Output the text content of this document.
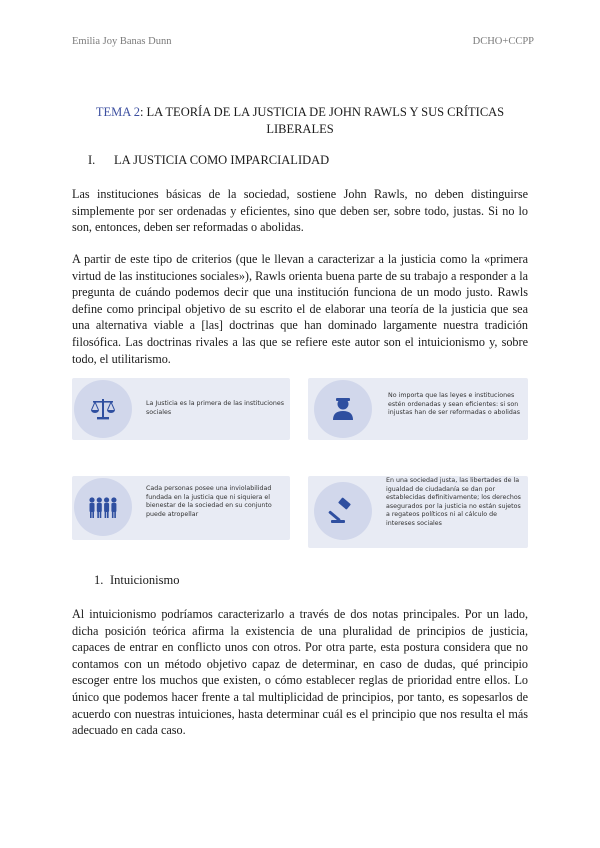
Emilia Joy Banas Dunn	DCHO+CCPP
TEMA 2: LA TEORÍA DE LA JUSTICIA DE JOHN RAWLS Y SUS CRÍTICAS LIBERALES
I. LA JUSTICIA COMO IMPARCIALIDAD

Las instituciones básicas de la sociedad, sostiene John Rawls, no deben distinguirse simplemente por ser ordenadas y eficientes, sino que deben ser, sobre todo, justas. Si no lo son, entonces, deben ser reformadas o abolidas.

A partir de este tipo de criterios (que le llevan a caracterizar a la justicia como la «primera virtud de las instituciones sociales»), Rawls orienta buena parte de su trabajo a responder a la pregunta de cuándo podemos decir que una institución funciona de un modo justo. Rawls define como principal objetivo de su escrito el de elaborar una teoría de la justicia que sea una alternativa viable a [las] doctrinas que han dominado largamente nuestra tradición filosófica. Las doctrinas rivales a las que se refiere este autor son el intuicionismo y, sobre todo, el utilitarismo.

La Justicia es la primera de las instituciones sociales

No importa que las leyes e instituciones estén ordenadas y sean eficientes: si son injustas han de ser reformadas o abolidas

Cada personas posee una inviolabilidad fundada en la justicia que ni siquiera el bienestar de la sociedad en su conjunto puede atropellar

En una sociedad justa, las libertades de la igualdad de ciudadanía se dan por establecidas definitivamente; los derechos asegurados por la justicia no están sujetos a regateos políticos ni al cálculo de intereses sociales

1. Intuicionismo

Al intuicionismo podríamos caracterizarlo a través de dos notas principales. Por un lado, dicha posición teórica afirma la existencia de una pluralidad de principios de justicia, capaces de entrar en conflicto unos con otros. Por otra parte, esta postura considera que no contamos con un método objetivo capaz de determinar, en caso de dudas, qué principio escoger entre los muchos que existen, o cómo establecer reglas de prioridad entre ellos. Lo único que podemos hacer frente a tal multiplicidad de principios, por tanto, es sopesarlos de acuerdo con nuestras intuiciones, hasta determinar cuál es el principio que nos resulta el más adecuado en cada caso.
